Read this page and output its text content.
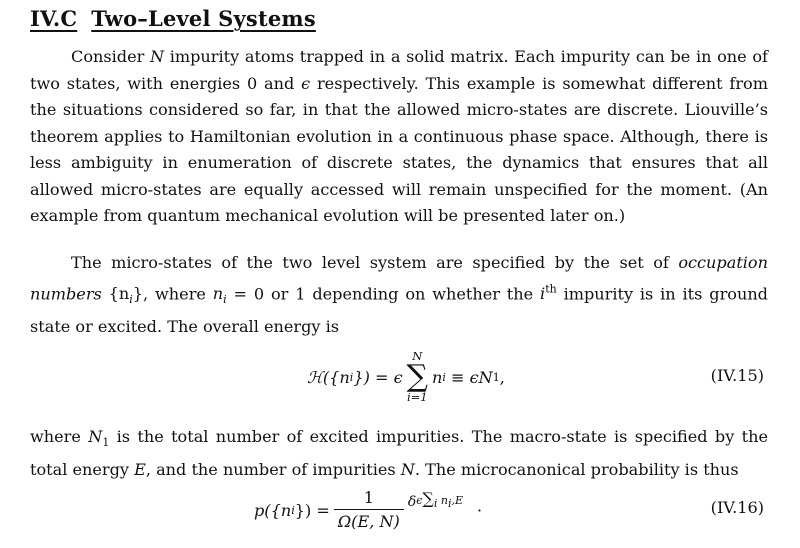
IV.C Two–Level Systems

Consider N impurity atoms trapped in a solid matrix. Each impurity can be in one of two states, with energies 0 and ϵ respectively. This example is somewhat different from the situations considered so far, in that the allowed micro-states are discrete. Liouville’s theorem applies to Hamiltonian evolution in a continuous phase space. Although, there is less ambiguity in enumeration of discrete states, the dynamics that ensures that all allowed micro-states are equally accessed will remain unspecified for the moment. (An example from quantum mechanical evolution will be presented later on.)

The micro-states of the two level system are specified by the set of occupation numbers $\{n_i\}$, where $n_i = 0$ or 1 depending on whether the $i^{th}$ impurity is in its ground state or excited. The overall energy is

ℋ({n i }) = ϵ
N
∑
i=1
n i ≡ ϵN 1 ,	(IV.15)

where $N_1$ is the total number of excited impurities. The macro-state is specified by the total energy E, and the number of impurities N. The microcanonical probability is thus

p({n i }) = $\frac{1}{\Omega(E, N)} \delta\epsilon\sum_i$ $n_i,E$ ·	(IV.16)
